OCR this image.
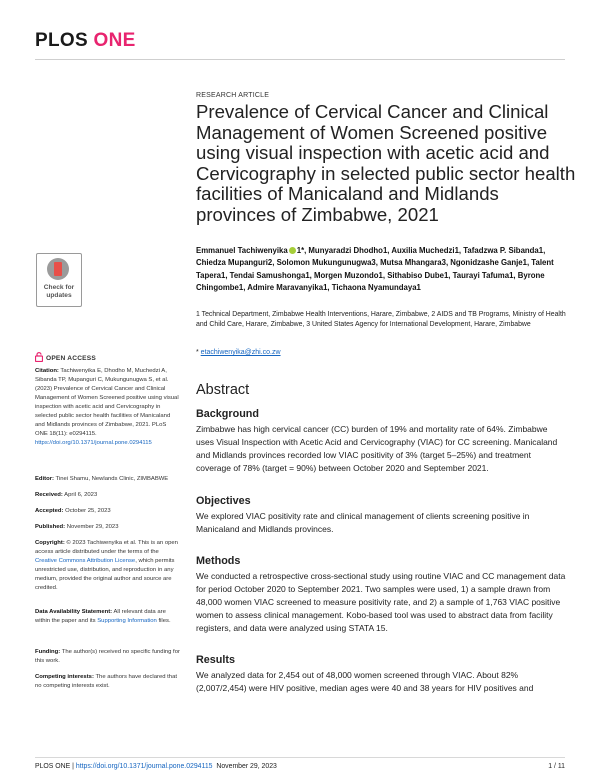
PLOS ONE
RESEARCH ARTICLE
Prevalence of Cervical Cancer and Clinical Management of Women Screened positive using visual inspection with acetic acid and Cervicography in selected public sector health facilities of Manicaland and Midlands provinces of Zimbabwe, 2021

Emmanuel Tachiwenyika 1*, Munyaradzi Dhodho1, Auxilia Muchedzi1, Tafadzwa P. Sibanda1, Chiedza Mupanguri2, Solomon Mukungunugwa3, Mutsa Mhangara3, Ngonidzashe Ganje1, Talent Tapera1, Tendai Samushonga1, Morgen Muzondo1, Sithabiso Dube1, Taurayi Tafuma1, Byrone Chingombe1, Admire Maravanyika1, Tichaona Nyamundaya1

1 Technical Department, Zimbabwe Health Interventions, Harare, Zimbabwe, 2 AIDS and TB Programs, Ministry of Health and Child Care, Harare, Zimbabwe, 3 United States Agency for International Development, Harare, Zimbabwe

* etachiwenyika@zhi.co.zw
Abstract
Background

Zimbabwe has high cervical cancer (CC) burden of 19% and mortality rate of 64%. Zimbabwe uses Visual Inspection with Acetic Acid and Cervicography (VIAC) for CC screening. Manicaland and Midlands provinces recorded low VIAC positivity of 3% (target 5–25%) and treatment coverage of 78% (target = 90%) between October 2020 and September 2021.

Objectives

We explored VIAC positivity rate and clinical management of clients screening positive in Manicaland and Midlands provinces.

Methods

We conducted a retrospective cross-sectional study using routine VIAC and CC management data for period October 2020 to September 2021. Two samples were used, 1) a sample drawn from 48,000 women VIAC screened to measure positivity rate, and 2) a sample of 1,763 VIAC positive women to assess clinical management. Kobo-based tool was used to abstract data from facility registers, and data were analyzed using STATA 15.

Results

We analyzed data for 2,454 out of 48,000 women screened through VIAC. About 82% (2,007/2,454) were HIV positive, median ages were 40 and 38 years for HIV positives and

Check for
updates
OPEN ACCESS

Citation: Tachiwenyika E, Dhodho M, Muchedzi A, Sibanda TP, Mupanguri C, Mukungunugwa S, et al. (2023) Prevalence of Cervical Cancer and Clinical Management of Women Screened positive using visual inspection with acetic acid and Cervicography in selected public sector health facilities of Manicaland and Midlands provinces of Zimbabwe, 2021. PLoS ONE 18(11): e0294115. https://doi.org/10.1371/journal.pone.0294115

Editor: Tinei Shamu, Newlands Clinic, ZIMBABWE

Received: April 6, 2023

Accepted: October 25, 2023

Published: November 29, 2023

Copyright: © 2023 Tachiwenyika et al. This is an open access article distributed under the terms of the Creative Commons Attribution License, which permits unrestricted use, distribution, and reproduction in any medium, provided the original author and source are credited.

Data Availability Statement: All relevant data are within the paper and its Supporting Information files.

Funding: The author(s) received no specific funding for this work.

Competing interests: The authors have declared that no competing interests exist.

PLOS ONE | https://doi.org/10.1371/journal.pone.0294115 November 29, 2023	1 / 11
